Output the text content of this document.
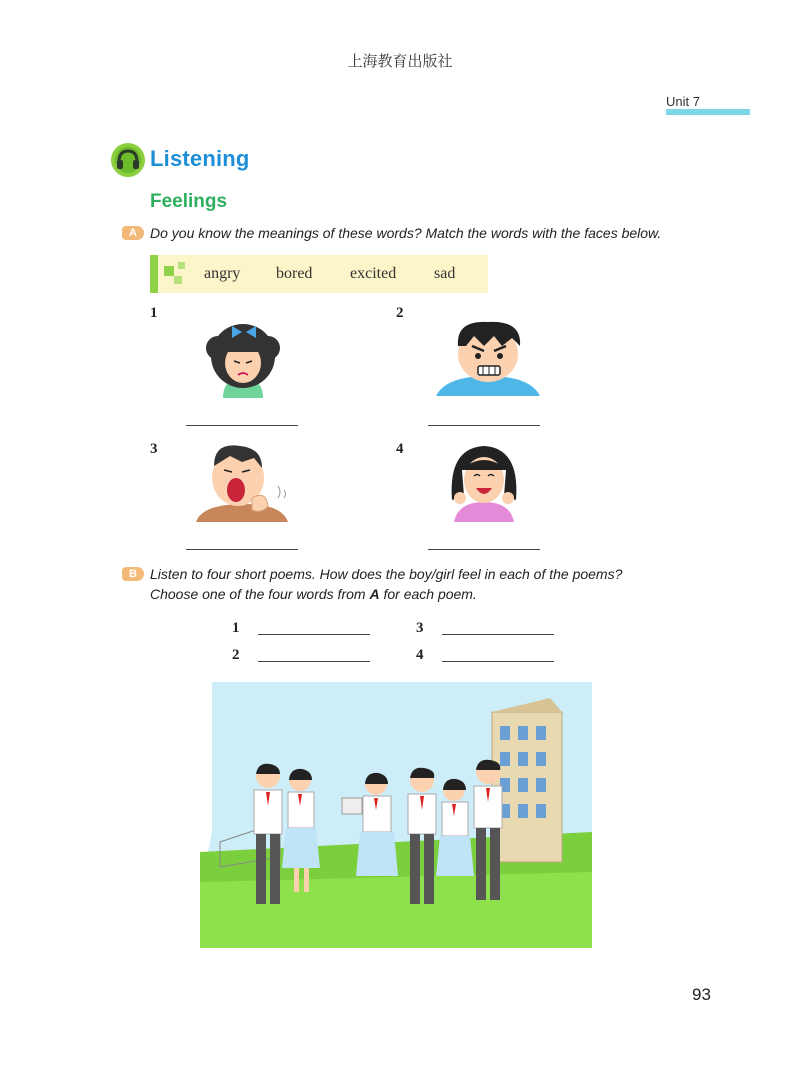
上海教育出版社
Unit 7
Listening
Feelings
A Do you know the meanings of these words? Match the words with the faces below.
angry bored excited sad
1	2
3	4
B Listen to four short poems. How does the boy/girl feel in each of the poems?
Choose one of the four words from A for each poem.
1	3
2	4
93
